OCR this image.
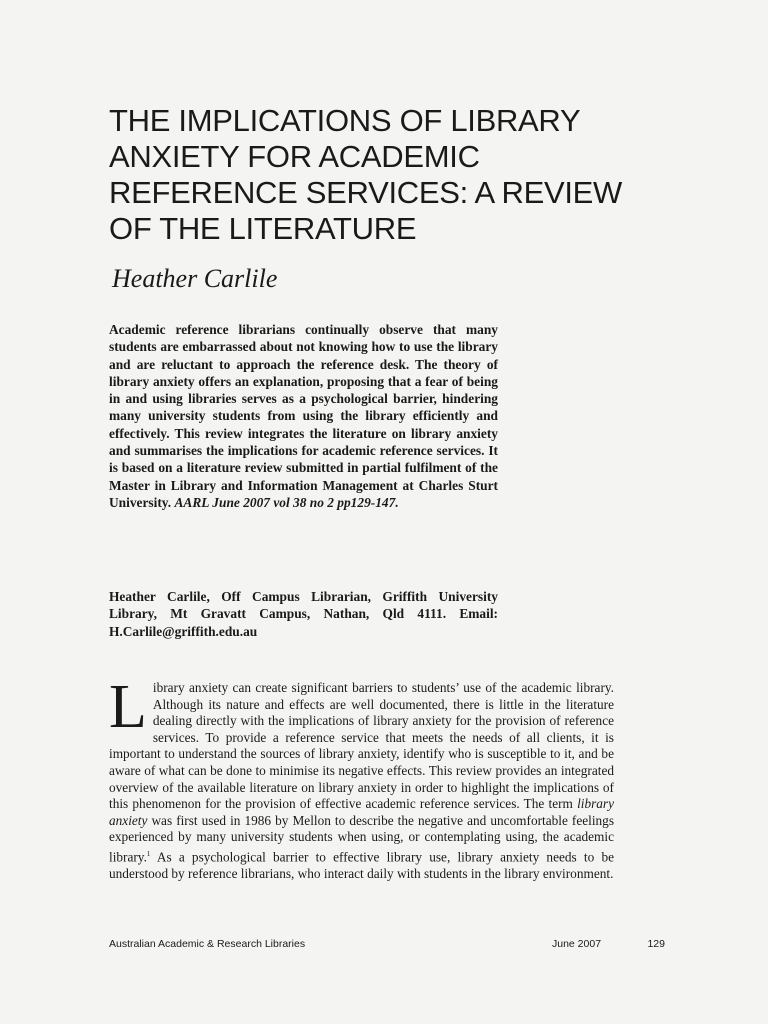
THE IMPLICATIONS OF LIBRARY
ANXIETY FOR ACADEMIC
REFERENCE SERVICES: A REVIEW
OF THE LITERATURE
Heather Carlile

Academic reference librarians continually observe that many students are embarrassed about not knowing how to use the library and are reluctant to approach the reference desk. The theory of library anxiety offers an explanation, proposing that a fear of being in and using libraries serves as a psychological barrier, hindering many university students from using the library efficiently and effectively. This review integrates the literature on library anxiety and summarises the implications for academic reference services. It is based on a literature review submitted in partial fulfilment of the Master in Library and Information Management at Charles Sturt University. AARL June 2007 vol 38 no 2 pp129-147.

Heather Carlile, Off Campus Librarian, Griffith University Library, Mt Gravatt Campus, Nathan, Qld 4111. Email: H.Carlile@griffith.edu.au

Library anxiety can create significant barriers to students’ use of the academic library. Although its nature and effects are well documented, there is little in the literature dealing directly with the implications of library anxiety for the provision of reference services. To provide a reference service that meets the needs of all clients, it is important to understand the sources of library anxiety, identify who is susceptible to it, and be aware of what can be done to minimise its negative effects. This review provides an integrated overview of the available literature on library anxiety in order to highlight the implications of this phenomenon for the provision of effective academic reference services. The term library anxiety was first used in 1986 by Mellon to describe the negative and uncomfortable feelings experienced by many university students when using, or contemplating using, the academic library.$^1$ As a psychological barrier to effective library use, library anxiety needs to be understood by reference librarians, who interact daily with students in the library environment.

Australian Academic & Research Libraries	June 2007	129
